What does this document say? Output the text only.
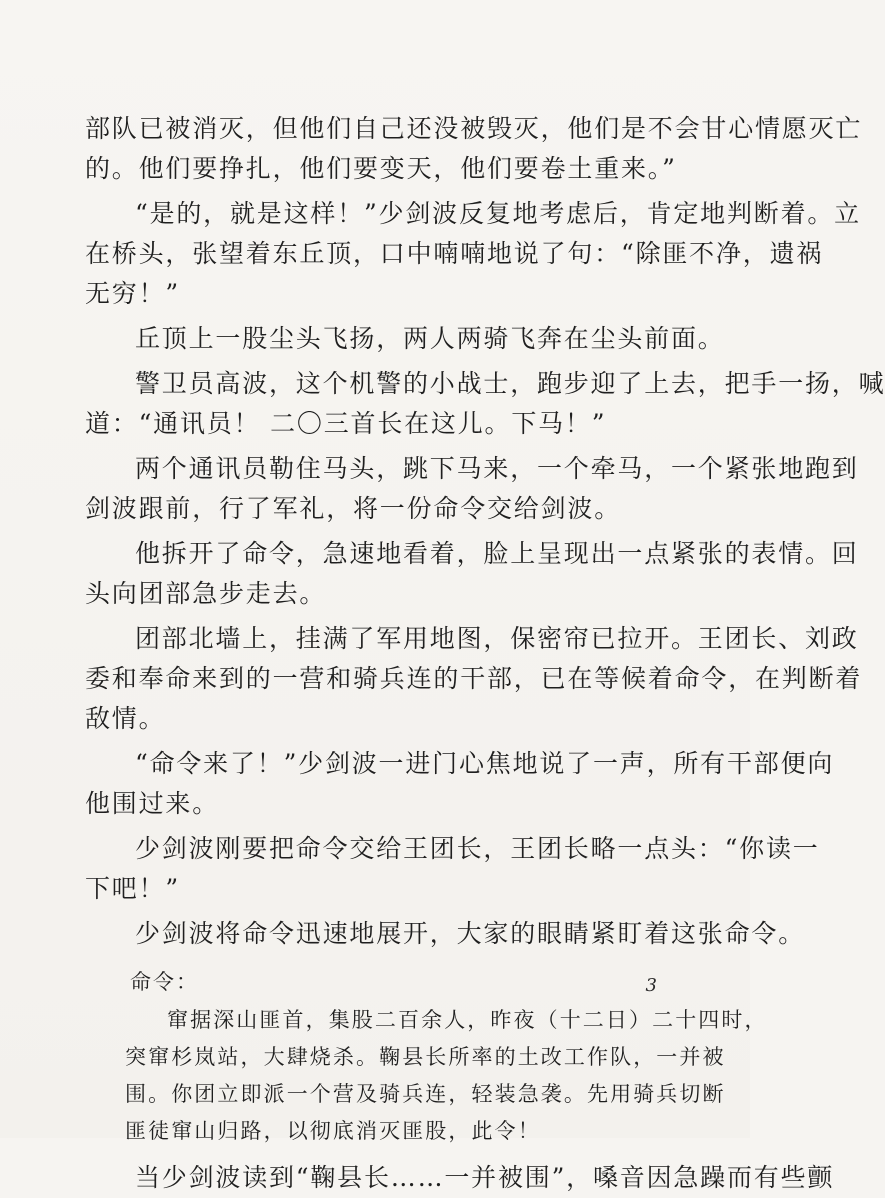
部队已被消灭，但他们自己还没被毁灭，他们是不会甘心情愿灭亡
的。他们要挣扎，他们要变天，他们要卷土重来。”
“是的，就是这样！”少剑波反复地考虑后，肯定地判断着。立
在桥头，张望着东丘顶，口中喃喃地说了句：“除匪不净，遗祸
无穷！”
丘顶上一股尘头飞扬，两人两骑飞奔在尘头前面。
警卫员高波，这个机警的小战士，跑步迎了上去，把手一扬，喊
道：“通讯员！ 二〇三首长在这儿。下马！”
两个通讯员勒住马头，跳下马来，一个牵马，一个紧张地跑到
剑波跟前，行了军礼，将一份命令交给剑波。
他拆开了命令，急速地看着，脸上呈现出一点紧张的表情。回
头向团部急步走去。
团部北墙上，挂满了军用地图，保密帘已拉开。王团长、刘政
委和奉命来到的一营和骑兵连的干部，已在等候着命令，在判断着
敌情。
“命令来了！”少剑波一进门心焦地说了一声，所有干部便向
他围过来。
少剑波刚要把命令交给王团长，王团长略一点头：“你读一
下吧！”
少剑波将命令迅速地展开，大家的眼睛紧盯着这张命令。
命令：
窜据深山匪首，集股二百余人，昨夜（十二日）二十四时，
突窜杉岚站，大肆烧杀。鞠县长所率的土改工作队，一并被
围。你团立即派一个营及骑兵连，轻装急袭。先用骑兵切断
匪徒窜山归路，以彻底消灭匪股，此令！
当少剑波读到“鞠县长……一并被围”，嗓音因急躁而有些颤
3
